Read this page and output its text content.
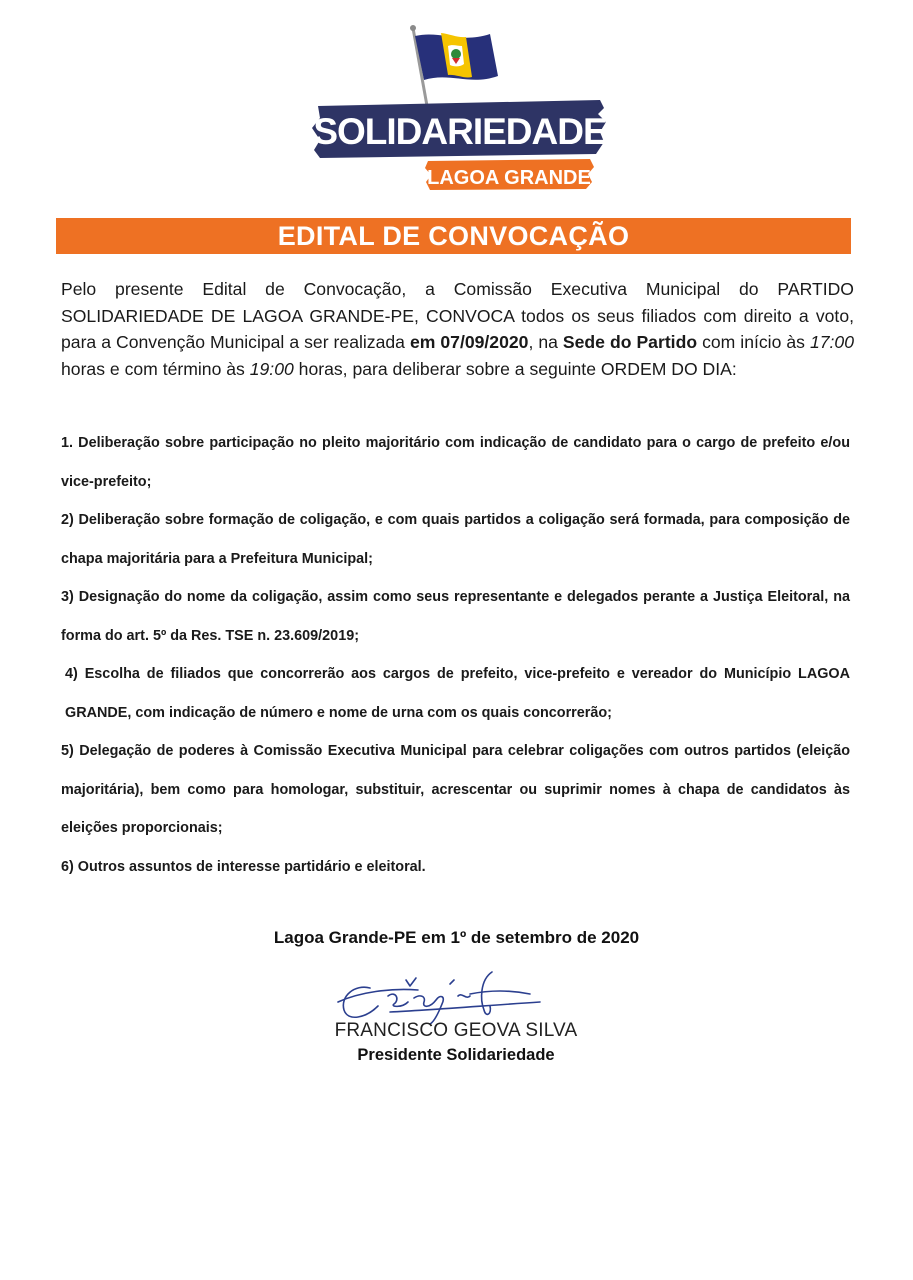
SOLIDARIEDADE
LAGOA GRANDE
EDITAL DE CONVOCAÇÃO

Pelo presente Edital de Convocação, a Comissão Executiva Municipal do PARTIDO SOLIDARIEDADE DE LAGOA GRANDE-PE, CONVOCA todos os seus filiados com direito a voto, para a Convenção Municipal a ser realizada em 07/09/2020, na Sede do Partido com início às 17:00 horas e com término às 19:00 horas, para deliberar sobre a seguinte ORDEM DO DIA:

1. Deliberação sobre participação no pleito majoritário com indicação de candidato para o cargo de prefeito e/ou vice-prefeito;

2) Deliberação sobre formação de coligação, e com quais partidos a coligação será formada, para composição de chapa majoritária para a Prefeitura Municipal;

3) Designação do nome da coligação, assim como seus representante e delegados perante a Justiça Eleitoral, na forma do art. 5º da Res. TSE n. 23.609/2019;

4) Escolha de filiados que concorrerão aos cargos de prefeito, vice-prefeito e vereador do Município LAGOA GRANDE, com indicação de número e nome de urna com os quais concorrerão;

5) Delegação de poderes à Comissão Executiva Municipal para celebrar coligações com outros partidos (eleição majoritária), bem como para homologar, substituir, acrescentar ou suprimir nomes à chapa de candidatos às eleições proporcionais;

6) Outros assuntos de interesse partidário e eleitoral.

Lagoa Grande-PE em 1º de setembro de 2020
FRANCISCO GEOVA SILVA
Presidente Solidariedade
